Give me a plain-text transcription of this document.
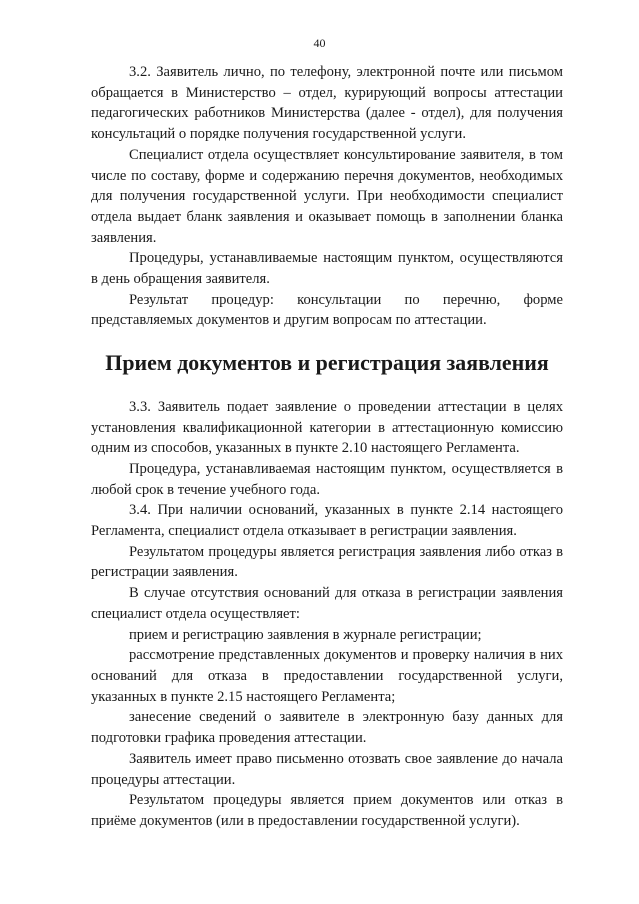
40

3.2. Заявитель лично, по телефону, электронной почте или письмом обращается в Министерство – отдел, курирующий вопросы аттестации педагогических работников Министерства (далее - отдел), для получения консультаций о порядке получения государственной услуги.

Специалист отдела осуществляет консультирование заявителя, в том числе по составу, форме и содержанию перечня документов, необходимых для получения государственной услуги. При необходимости специалист отдела выдает бланк заявления и оказывает помощь в заполнении бланка заявления.

Процедуры, устанавливаемые настоящим пунктом, осуществляются в день обращения заявителя.

Результат процедур: консультации по перечню, форме представляемых документов и другим вопросам по аттестации.

Прием документов и регистрация заявления

3.3. Заявитель подает заявление о проведении аттестации в целях установления квалификационной категории в аттестационную комиссию одним из способов, указанных в пункте 2.10 настоящего Регламента.

Процедура, устанавливаемая настоящим пунктом, осуществляется в любой срок в течение учебного года.

3.4. При наличии оснований, указанных в пункте 2.14 настоящего Регламента, специалист отдела отказывает в регистрации заявления.

Результатом процедуры является регистрация заявления либо отказ в регистрации заявления.

В случае отсутствия оснований для отказа в регистрации заявления специалист отдела осуществляет:

прием и регистрацию заявления в журнале регистрации;

рассмотрение представленных документов и проверку наличия в них оснований для отказа в предоставлении государственной услуги, указанных в пункте 2.15 настоящего Регламента;

занесение сведений о заявителе в электронную базу данных для подготовки графика проведения аттестации.

Заявитель имеет право письменно отозвать свое заявление до начала процедуры аттестации.

Результатом процедуры является прием документов или отказ в приёме документов (или в предоставлении государственной услуги).
